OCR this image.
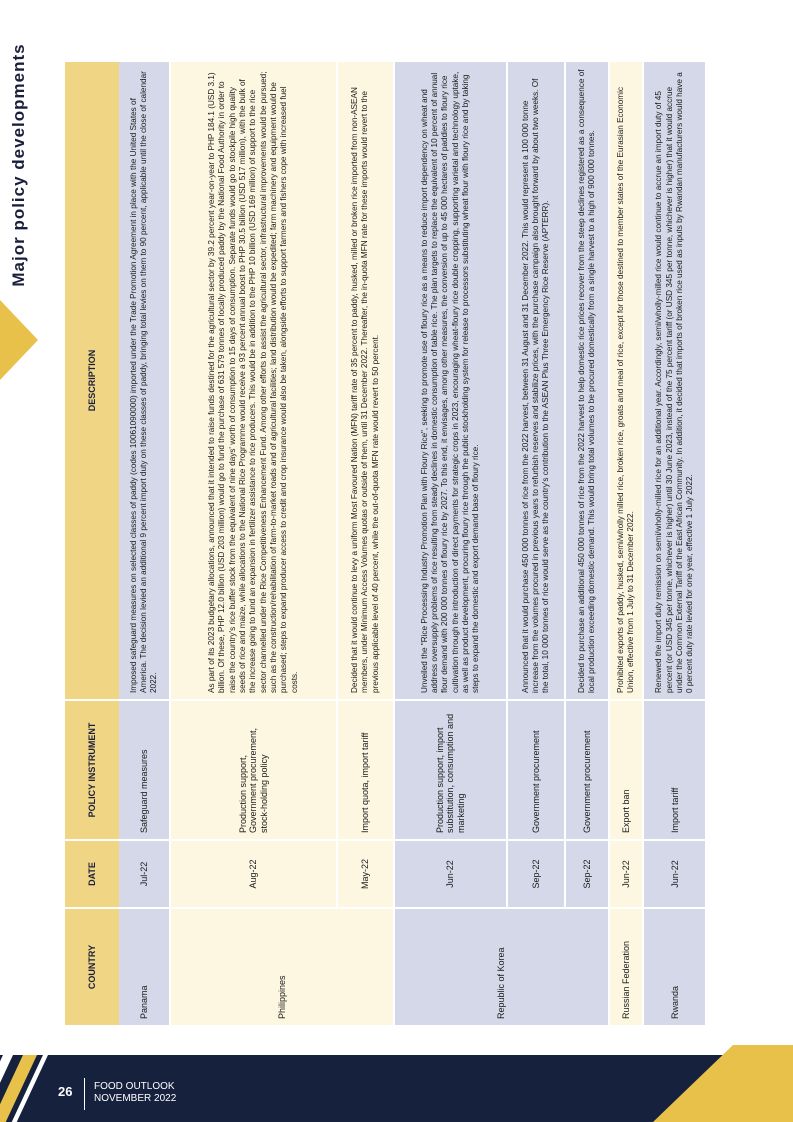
Major policy developments
COUNTRY	DATE	POLICY INSTRUMENT	DESCRIPTION
Panama	Jul-22	Safeguard measures	Imposed safeguard measures on selected classes of paddy (codes 10061090000) imported under the Trade Promotion Agreement in place with the United States of America. The decision levied an additional 9 percent import duty on these classes of paddy, bringing total levies on them to 90 percent, applicable until the close of calendar 2022.
Philippines	Aug-22	Production support, Government procurement, stock-holding policy	As part of its 2023 budgetary allocations, announced that it intended to raise funds destined for the agricultural sector by 39.2 percent year-on-year to PHP 184.1 (USD 3.1) billion. Of these, PHP 12.0 billion (USD 203 million) would go to fund the purchase of 631 579 tonnes of locally produced paddy by the National Food Authority in order to raise the country's rice buffer stock from the equivalent of nine days' worth of consumption to 15 days of consumption. Separate funds would go to stockpile high quality seeds of rice and maize, while allocations to the National Rice Programme would receive a 93 percent annual boost to PHP 30.5 billion (USD 517 million), with the bulk of the increase going to fund an expansion in fertilizer assistance to rice producers. This would be in addition to the PHP 10 billion (USD 169 million) of support to the rice sector channelled under the Rice Competitiveness Enhancement Fund. Among other efforts to assist the agricultural sector, infrastructural improvements would be pursued; such as the construction/rehabilitation of farm-to-market roads and of agricultural facilities; land distribution would be expedited; farm machinery and equipment would be purchased; steps to expand producer access to credit and crop insurance would also be taken, alongside efforts to support farmers and fishers cope with increased fuel costs.
	May-22	Import quota, import tariff	Decided that it would continue to levy a uniform Most Favoured Nation (MFN) tariff rate of 35 percent to paddy, husked, milled or broken rice imported from non-ASEAN members, under Minimum Access Volumes quotas or outside of them, until 31 December 2022. Thereafter, the in-quota MFN rate for these imports would revert to the previous applicable level of 40 percent, while the out-of-quota MFN rate would revert to 50 percent.
Republic of Korea	Jun-22	Production support, import substitution, consumption and marketing	Unveiled the "Rice Processing Industry Promotion Plan with Floury Rice", seeking to promote use of floury rice as a means to reduce import dependency on wheat and address oversupply problems of rice resulting from steady declines in domestic consumption of table rice. The plan targets to replace the equivalent of 10 percent of annual flour demand with 200 000 tonnes of floury rice by 2027. To this end, it envisages, among other measures, the conversion of up to 45 000 hectares of paddies to floury rice cultivation through the introduction of direct payments for strategic crops in 2023, encouraging wheat-floury rice double cropping, supporting varietal and technology uptake, as well as product development, procuring floury rice through the public stockholding system for release to processors substituting wheat flour with floury rice and by taking steps to expand the domestic and export demand base of floury rice.
	Sep-22	Government procurement	Announced that it would purchase 450 000 tonnes of rice from the 2022 harvest, between 31 August and 31 December 2022. This would represent a 100 000 tonne increase from the volumes procured in previous years to refurbish reserves and stabilize prices, with the purchase campaign also brought forward by about two weeks. Of the total, 10 000 tonnes of rice would serve as the country's contribution to the ASEAN Plus Three Emergency Rice Reserve (APTERR).
	Sep-22	Government procurement	Decided to purchase an additional 450 000 tonnes of rice from the 2022 harvest to help domestic rice prices recover from the steep declines registered as a consequence of local production exceeding domestic demand. This would bring total volumes to be procured domestically from a single harvest to a high of 900 000 tonnes.
Russian Federation	Jun-22	Export ban	Prohibited exports of paddy, husked, semi/wholly milled rice, broken rice, groats and meal of rice, except for those destined to member states of the Eurasian Economic Union, effective from 1 July to 31 December 2022.
Rwanda	Jun-22	Import tariff	Renewed the import duty remission on semi/wholly-milled rice for an additional year. Accordingly, semi/wholly-milled rice would continue to accrue an import duty of 45 percent (or USD 345 per tonne, whichever is higher) until 30 June 2023, instead of the 75 percent tariff (or USD 345 per tonne, whichever is higher) that it would accrue under the Common External Tariff of the East African Community. In addition, it decided that imports of broken rice used as inputs by Rwandan manufacturers would have a 0 percent duty rate levied for one year, effective 1 July 2022.
26 FOOD OUTLOOK
NOVEMBER 2022
